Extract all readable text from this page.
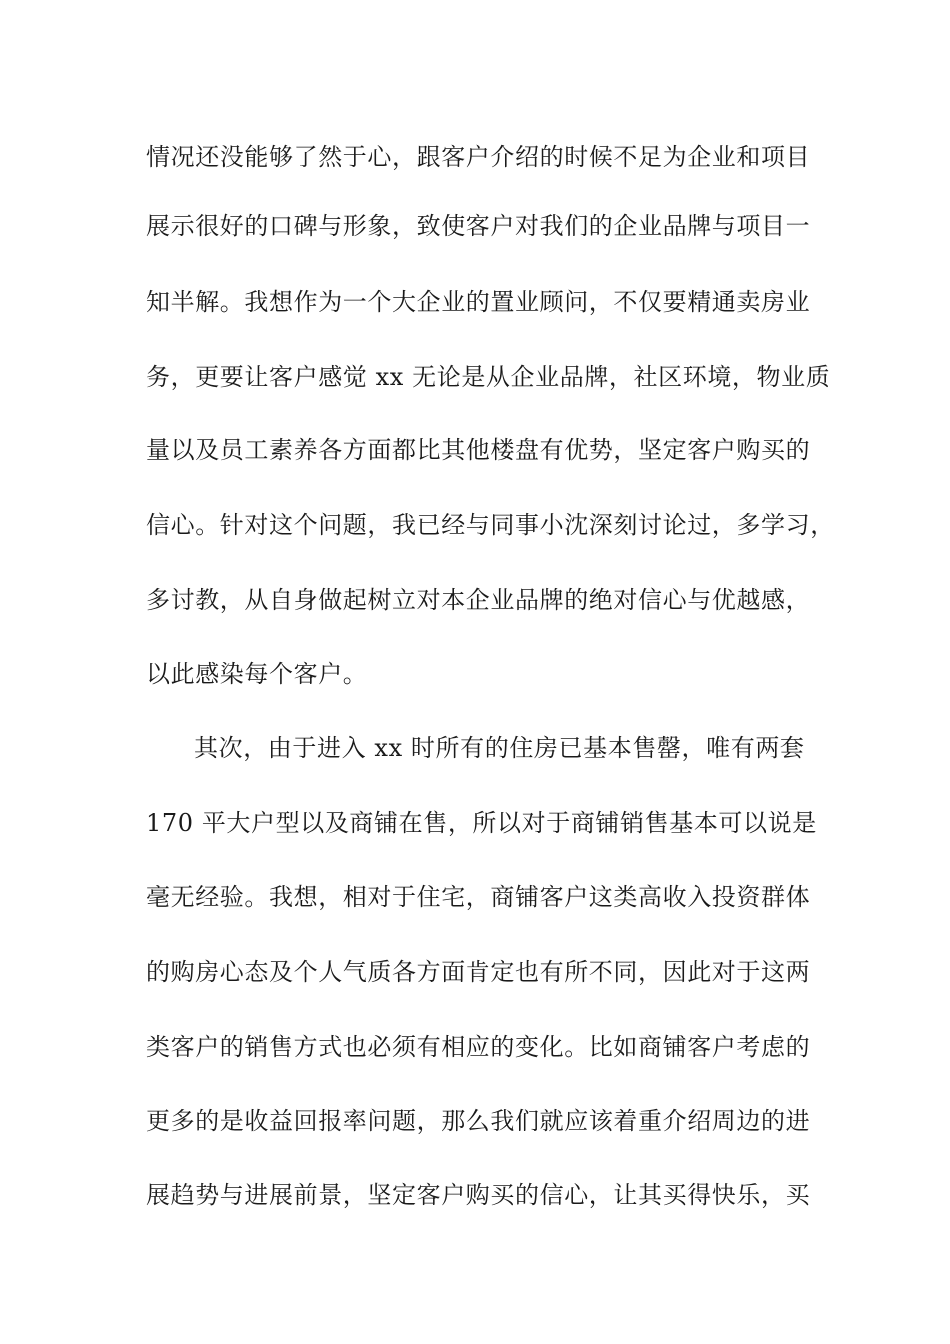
情况还没能够了然于心，跟客户介绍的时候不足为企业和项目
展示很好的口碑与形象，致使客户对我们的企业品牌与项目一
知半解。我想作为一个大企业的置业顾问，不仅要精通卖房业
务，更要让客户感觉 xx 无论是从企业品牌，社区环境，物业质
量以及员工素养各方面都比其他楼盘有优势，坚定客户购买的
信心。针对这个问题，我已经与同事小沈深刻讨论过，多学习，
多讨教，从自身做起树立对本企业品牌的绝对信心与优越感，
以此感染每个客户。
其次，由于进入 xx 时所有的住房已基本售罄，唯有两套
170 平大户型以及商铺在售，所以对于商铺销售基本可以说是
毫无经验。我想，相对于住宅，商铺客户这类高收入投资群体
的购房心态及个人气质各方面肯定也有所不同，因此对于这两
类客户的销售方式也必须有相应的变化。比如商铺客户考虑的
更多的是收益回报率问题，那么我们就应该着重介绍周边的进
展趋势与进展前景，坚定客户购买的信心，让其买得快乐，买
